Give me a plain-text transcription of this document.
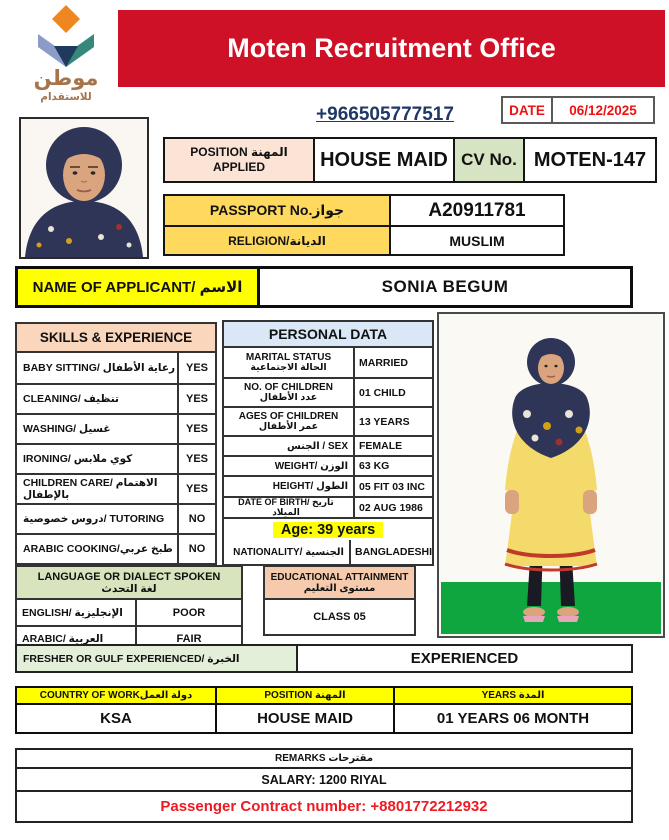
موطن
للاستقدام
Moten Recruitment Office
+966505777517	DATE	06/12/2025
POSITION المهنة
APPLIED	HOUSE MAID CV No. MOTEN-147
PASSPORT No.جواز	A20911781
RELIGION/الديانة	MUSLIM
NAME OF APPLICANT/ الاسم	SONIA BEGUM
SKILLS & EXPERIENCE
BABY SITTING/ رعاية الأطفال YES
CLEANING/ تنظيف	YES
WASHING/ غسيل	YES
IRONING/ كوي ملابس	YES
CHILDREN CARE/ الاهتمام بالإطفال	YES
دروس خصوصية/ TUTORING	NO
ARABIC COOKING/طبخ عربي	NO
PERSONAL DATA
MARITAL STATUS
الحالة الاجتماعية	MARRIED
NO. OF CHILDREN
عدد الأطفال	01 CHILD
AGES OF CHILDREN
عمر الأطفال	13 YEARS
الجنس / SEX	FEMALE
WEIGHT/ الوزن	63 KG
HEIGHT/ الطول	05 FIT 03 INC
DATE OF BIRTH/ تاريخ الميلاد	02 AUG 1986
Age: 39 years
NATIONALITY/ الجنسية	BANGLADESHI
LANGUAGE OR DIALECT SPOKEN
لغة التحدث
ENGLISH/ الإنجليزية	POOR
ARABIC/ العربية	FAIR
EDUCATIONAL ATTAINMENT
مستوى التعليم
CLASS 05
FRESHER OR GULF EXPERIENCED/ الخبرة	EXPERIENCED
COUNTRY OF WORKدولة العمل	POSITION المهنة	YEARS المدة
KSA	HOUSE MAID	01 YEARS 06 MONTH
REMARKS مقترحات
SALARY: 1200 RIYAL
Passenger Contract number: +8801772212932
